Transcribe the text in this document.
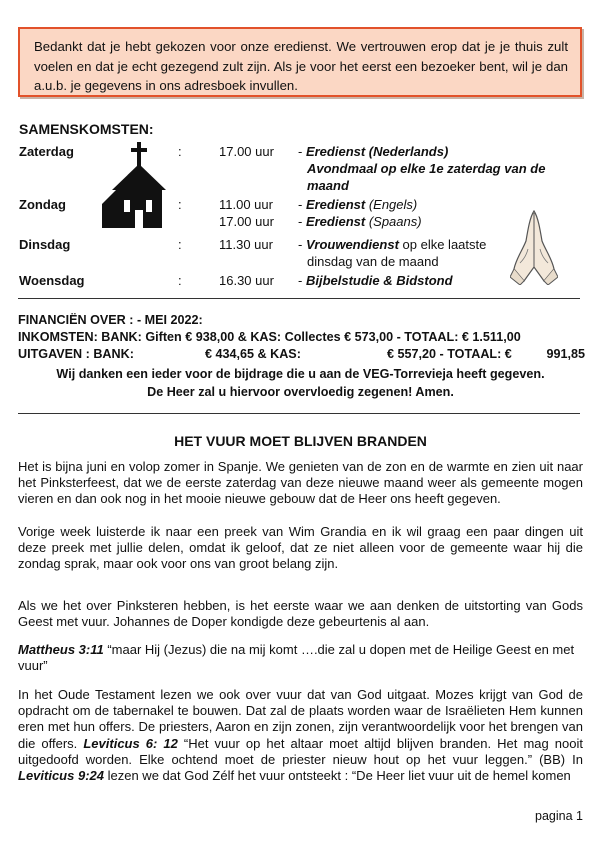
Bedankt dat je hebt gekozen voor onze eredienst. We vertrouwen erop dat je je thuis zult voelen en dat je echt gezegend zult zijn. Als je voor het eerst een bezoeker bent, wil je dan a.u.b. je gegevens in ons adresboek invullen.
SAMENSKOMSTEN:
Zaterdag	:	17.00 uur - Eredienst (Nederlands)
Avondmaal op elke 1e zaterdag van de
maand
Zondag	:	11.00 uur - Eredienst (Engels)
17.00 uur - Eredienst (Spaans)
Dinsdag	:	11.30 uur - Vrouwendienst op elke laatste
dinsdag van de maand
Woensdag	:	16.30 uur - Bijbelstudie & Bidstond
FINANCIËN OVER : - MEI 2022:
INKOMSTEN: BANK: Giften € 938,00 & KAS: Collectes € 573,00 - TOTAAL: € 1.511,00
UITGAVEN : BANK:	€ 434,65 & KAS:	€ 557,20 - TOTAAL: €	991,85
Wij danken een ieder voor de bijdrage die u aan de VEG-Torrevieja heeft gegeven.
De Heer zal u hiervoor overvloedig zegenen! Amen.
HET VUUR MOET BLIJVEN BRANDEN
Het is bijna juni en volop zomer in Spanje. We genieten van de zon en de warmte en zien uit naar het Pinksterfeest, dat we de eerste zaterdag van deze nieuwe maand weer als gemeente mogen vieren en dan ook nog in het mooie nieuwe gebouw dat de Heer ons heeft gegeven.
Vorige week luisterde ik naar een preek van Wim Grandia en ik wil graag een paar dingen uit deze preek met jullie delen, omdat ik geloof, dat ze niet alleen voor de gemeente waar hij die zondag sprak, maar ook voor ons van groot belang zijn.
Als we het over Pinksteren hebben, is het eerste waar we aan denken de uitstorting van Gods Geest met vuur. Johannes de Doper kondigde deze gebeurtenis al aan.
Mattheus 3:11 “maar Hij (Jezus) die na mij komt ….die zal u dopen met de Heilige Geest en met vuur”
In het Oude Testament lezen we ook over vuur dat van God uitgaat. Mozes krijgt van God de opdracht om de tabernakel te bouwen. Dat zal de plaats worden waar de Israëlieten Hem kunnen eren met hun offers. De priesters, Aaron en zijn zonen, zijn verantwoordelijk voor het brengen van die offers. Leviticus 6: 12 “Het vuur op het altaar moet altijd blijven branden. Het mag nooit uitgedoofd worden. Elke ochtend moet de priester nieuw hout op het vuur leggen.” (BB) In Leviticus 9:24 lezen we dat God Zélf het vuur ontsteekt : “De Heer liet vuur uit de hemel komen
pagina 1
